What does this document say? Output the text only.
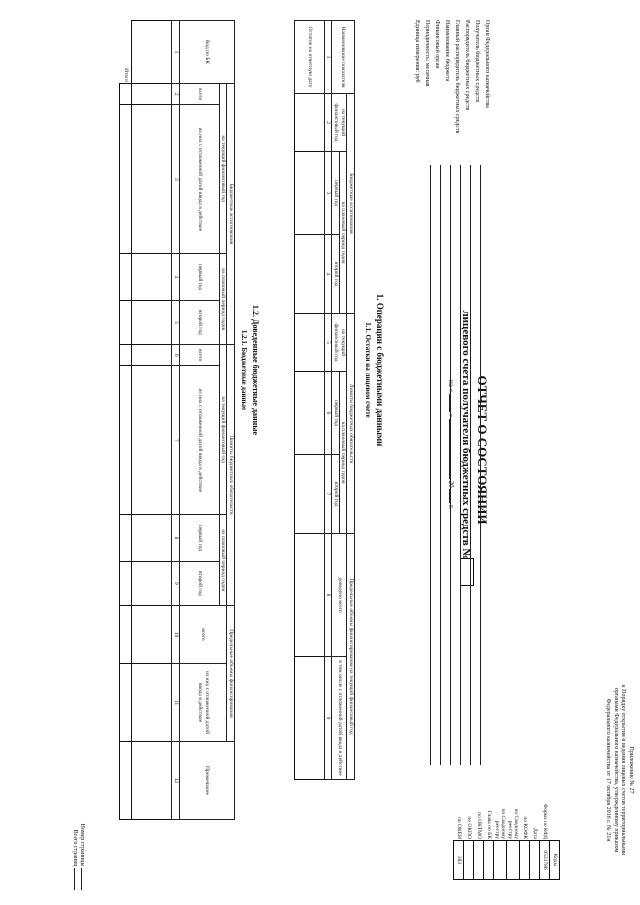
Приложение № 27
к Порядку открытия и ведения лицевых счетов территориальными
органами Федерального казначейства, утвержденному приказом
Федерального казначейства от 17 октября 2016 г. № 21н
ОТЧЕТ О СОСТОЯНИИ
лицевого счета получателя бюджетных средств №
на «  »  20  г.
	Коды
Форма по КФД	0531786
Дата	
по КОФК	
по Сводному реестру	
по Сводному реестру	
Глава по БК	
по ОКТМО	
по ОКПО	
по ОКЕИ	383
Орган Федерального казначейства
Получатель бюджетных средств
Распорядитель бюджетных средств
Главный распорядитель бюджетных средств
Наименование бюджета
Финансовый орган
Периодичность: месячная
Единица измерения: руб
1. Операции с бюджетными данными
1.1. Остатки на лицевом счете
Наименование показателя	Бюджетные ассигнования			Лимиты бюджетных обязательств			Предельные объемы финансирования на текущий финансовый год	
	на текущий финансовый год	на плановый период годов		на текущий финансовый год	на плановый период годов		доведено всего	в том числе с отложенной датой ввода в действие
		первый год	второй год		первый год	второй год		
1	2	3	4	5	6	7	8	9
Остаток на отчетную дату								
1.2. Доведенные бюджетные данные
1.2.1. Бюджетные данные
Код по БК	Бюджетные ассигнования				Лимиты бюджетных обязательств				Предельные объемы финансирования		Примечание
	на текущий финансовый год		на плановый период годов		на текущий финансовый год		на плановый период годов		всего	из них с отложенной датой ввода в действие	
	всего	из них с отложенной датой ввода в действие	первый год	второй год	всего	из них с отложенной датой ввода в действие	первый год	второй год			
1	2	3	4	5	6	7	8	9	10	11	12

Итого											
Номер страницы
Всего страниц
